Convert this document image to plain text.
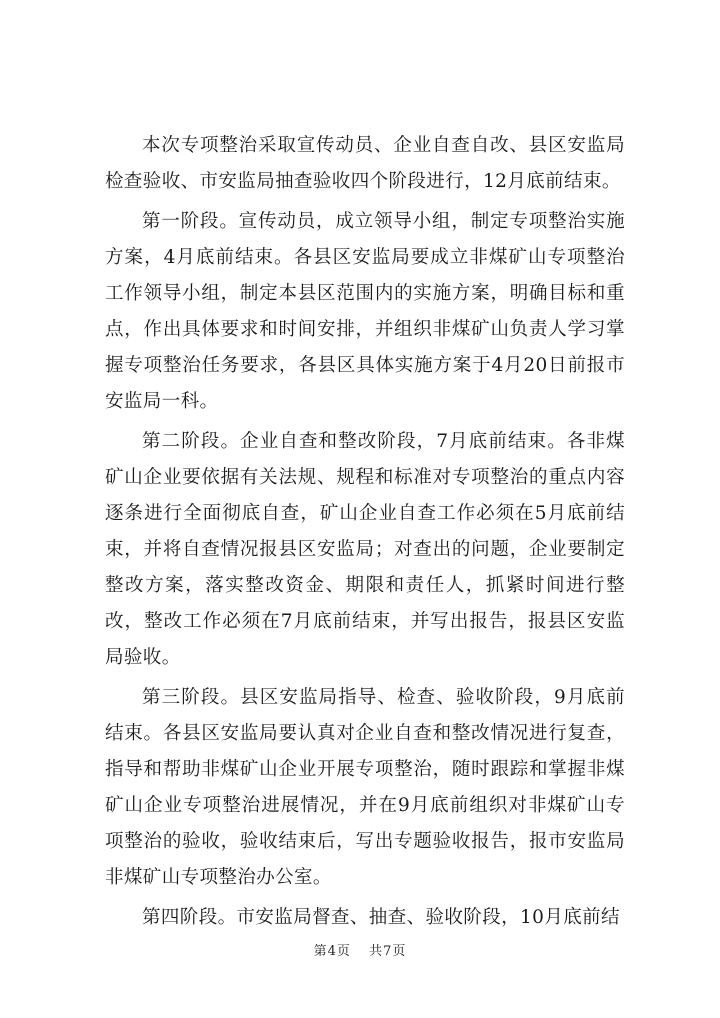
本次专项整治采取宣传动员、企业自查自改、县区安监局检查验收、市安监局抽查验收四个阶段进行，12月底前结束。

第一阶段。宣传动员，成立领导小组，制定专项整治实施方案，4月底前结束。各县区安监局要成立非煤矿山专项整治工作领导小组，制定本县区范围内的实施方案，明确目标和重点，作出具体要求和时间安排，并组织非煤矿山负责人学习掌握专项整治任务要求，各县区具体实施方案于4月20日前报市安监局一科。

第二阶段。企业自查和整改阶段，7月底前结束。各非煤矿山企业要依据有关法规、规程和标准对专项整治的重点内容逐条进行全面彻底自查，矿山企业自查工作必须在5月底前结束，并将自查情况报县区安监局；对查出的问题，企业要制定整改方案，落实整改资金、期限和责任人，抓紧时间进行整改，整改工作必须在7月底前结束，并写出报告，报县区安监局验收。

第三阶段。县区安监局指导、检查、验收阶段，9月底前结束。各县区安监局要认真对企业自查和整改情况进行复查，指导和帮助非煤矿山企业开展专项整治，随时跟踪和掌握非煤矿山企业专项整治进展情况，并在9月底前组织对非煤矿山专项整治的验收，验收结束后，写出专题验收报告，报市安监局非煤矿山专项整治办公室。

第四阶段。市安监局督查、抽查、验收阶段，10月底前结

第4页 共7页
